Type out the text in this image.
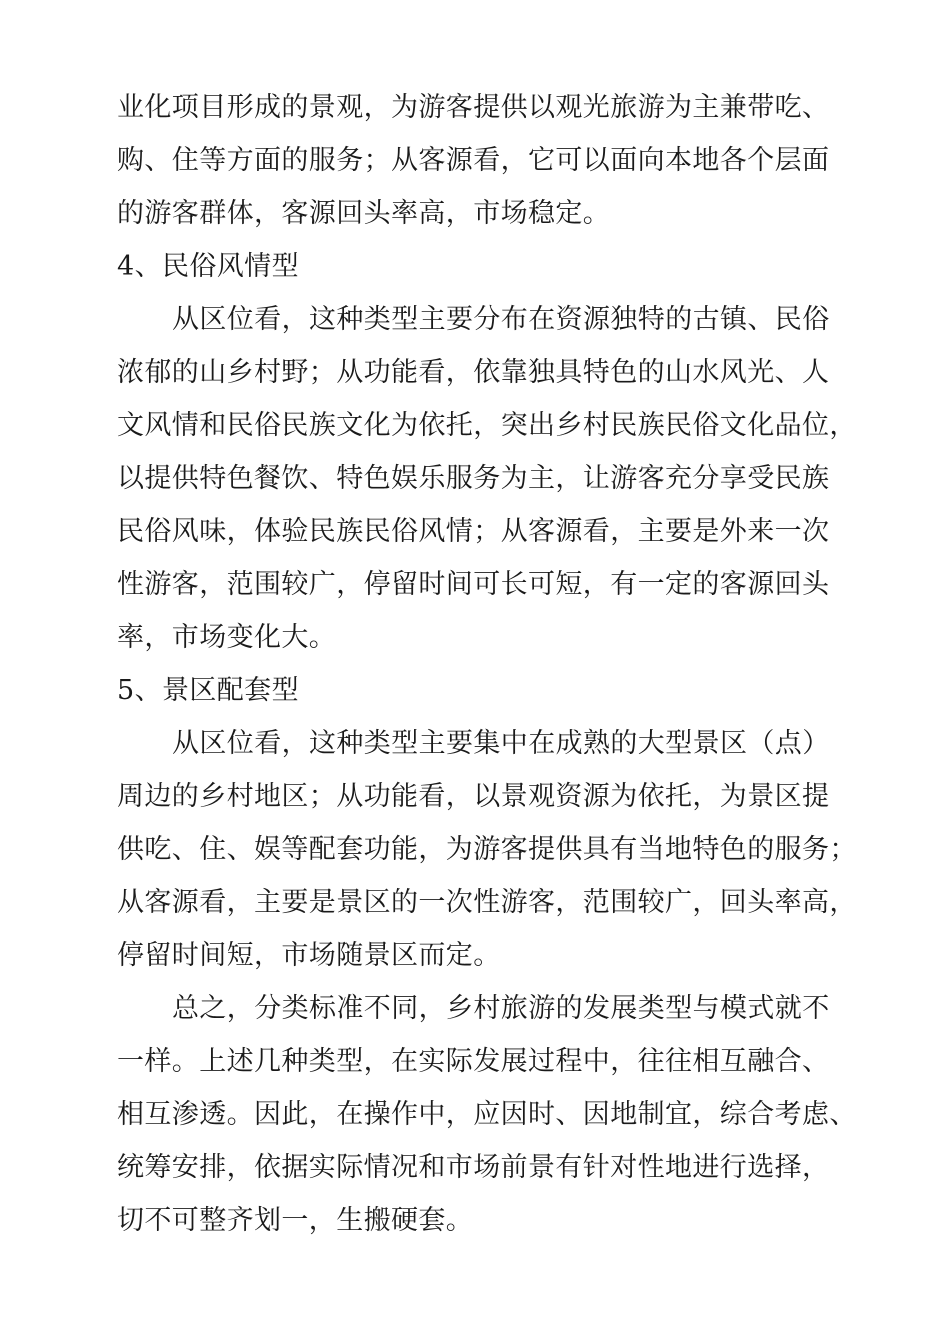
业化项目形成的景观，为游客提供以观光旅游为主兼带吃、
购、住等方面的服务；从客源看，它可以面向本地各个层面
的游客群体，客源回头率高，市场稳定。
4、民俗风情型
从区位看，这种类型主要分布在资源独特的古镇、民俗
浓郁的山乡村野；从功能看，依靠独具特色的山水风光、人
文风情和民俗民族文化为依托，突出乡村民族民俗文化品位，
以提供特色餐饮、特色娱乐服务为主，让游客充分享受民族
民俗风味，体验民族民俗风情；从客源看，主要是外来一次
性游客，范围较广，停留时间可长可短，有一定的客源回头
率，市场变化大。
5、景区配套型
从区位看，这种类型主要集中在成熟的大型景区（点）
周边的乡村地区；从功能看，以景观资源为依托，为景区提
供吃、住、娱等配套功能，为游客提供具有当地特色的服务；
从客源看，主要是景区的一次性游客，范围较广，回头率高，
停留时间短，市场随景区而定。
总之，分类标准不同，乡村旅游的发展类型与模式就不
一样。上述几种类型，在实际发展过程中，往往相互融合、
相互渗透。因此，在操作中，应因时、因地制宜，综合考虑、
统筹安排，依据实际情况和市场前景有针对性地进行选择，
切不可整齐划一，生搬硬套。
